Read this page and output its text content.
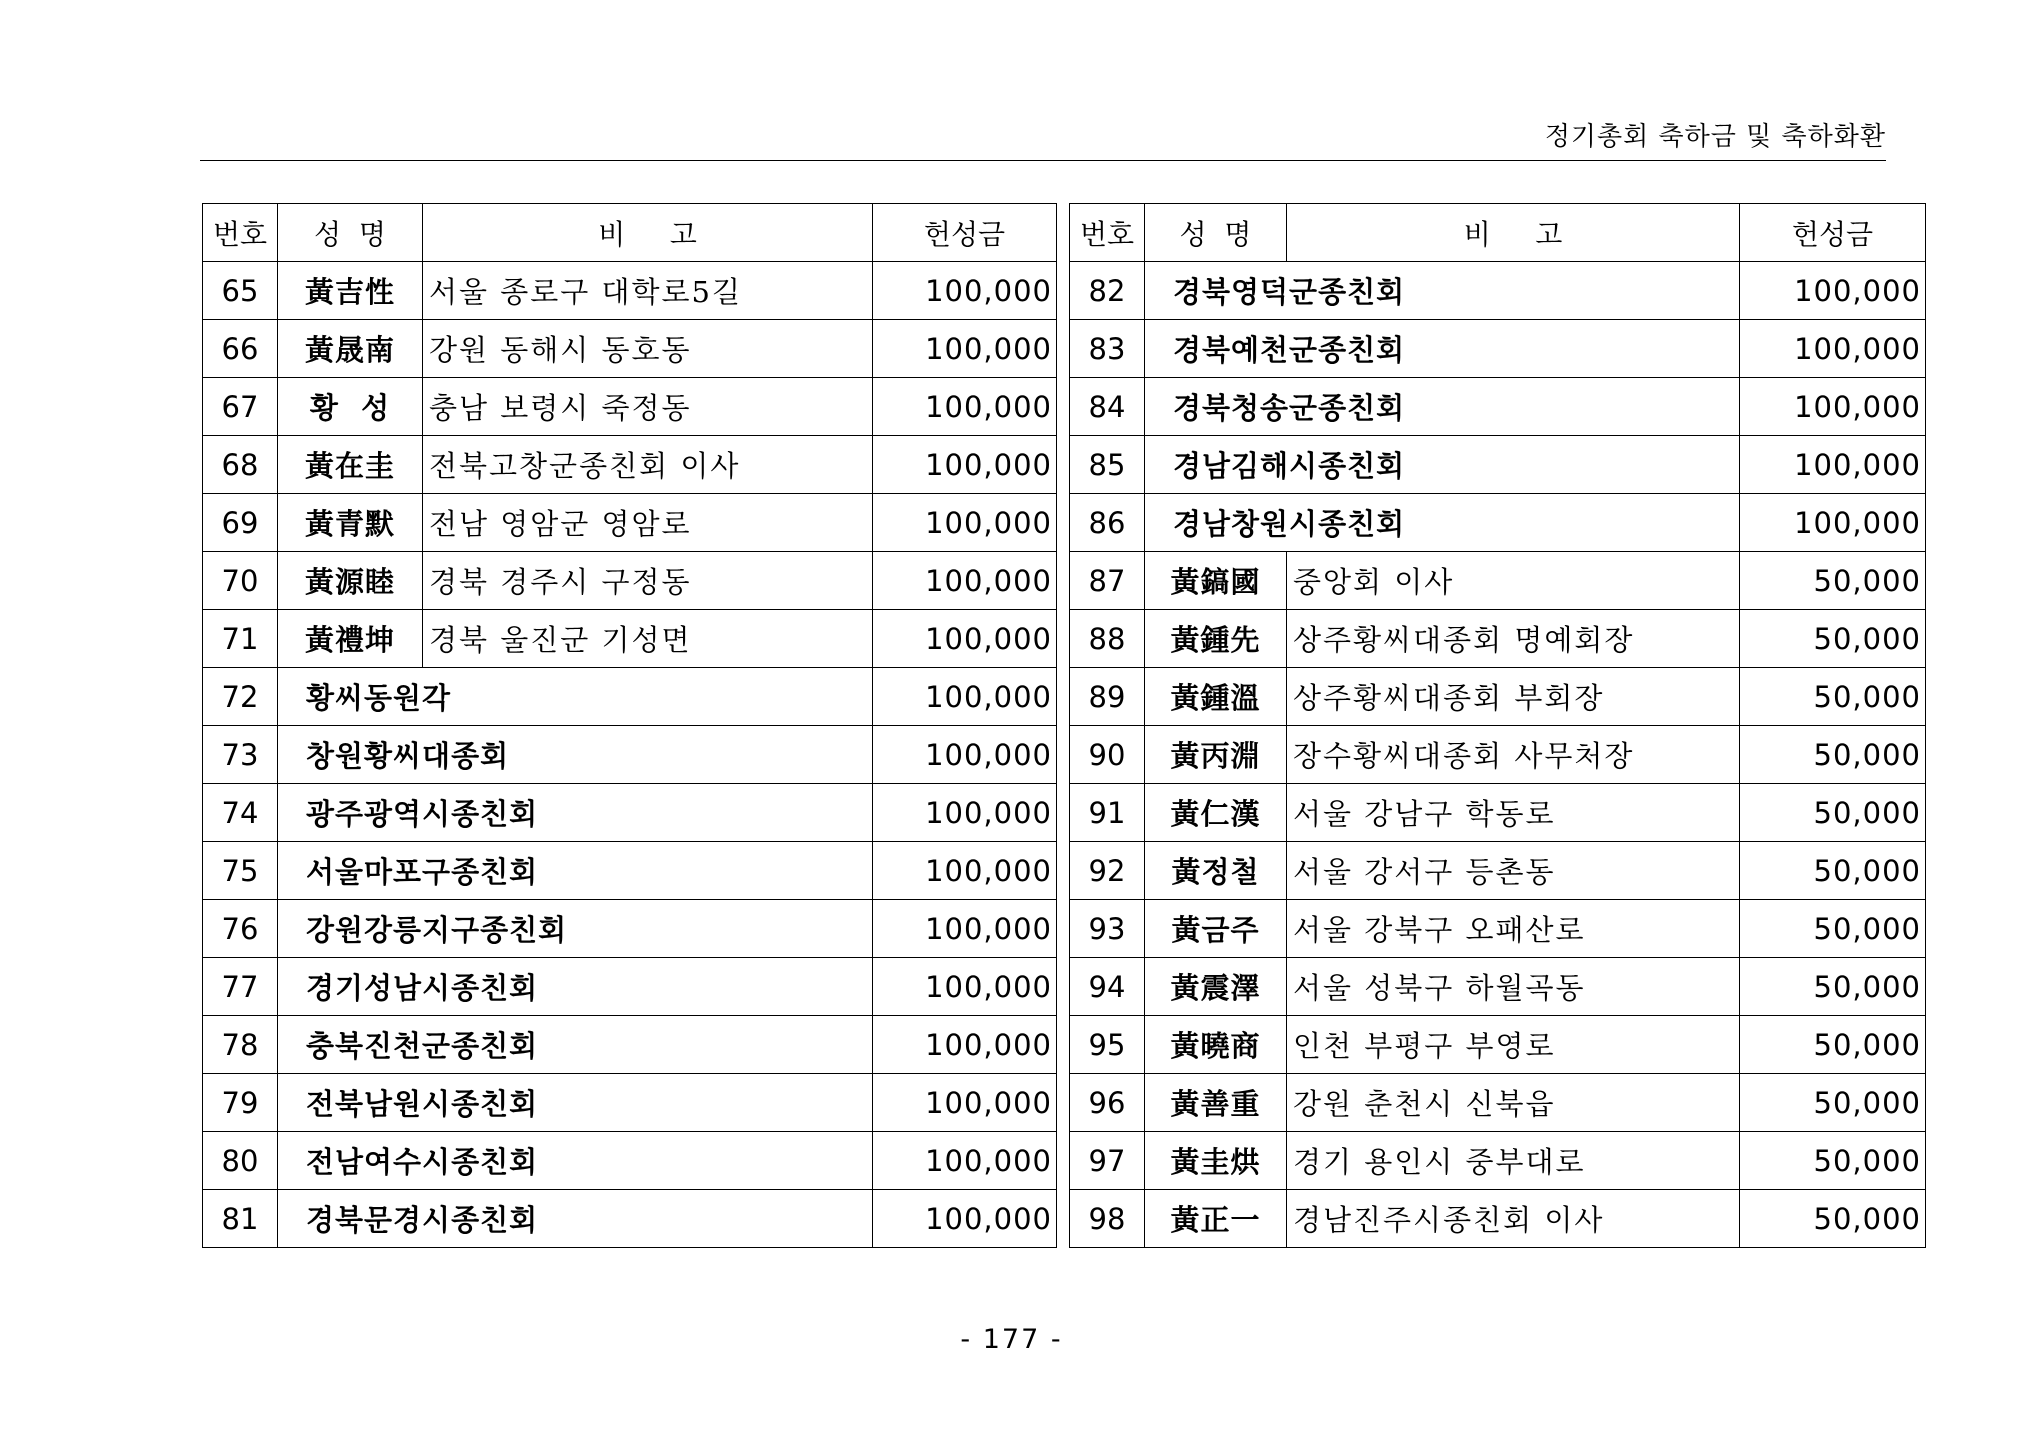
정기총회 축하금 및 축하화환
번호	성  명	비     고	헌성금
65	黃吉性	서울 종로구 대학로5길	100,000
66	黃晟南	강원 동해시 동호동	100,000
67	황  성	충남 보령시 죽정동	100,000
68	黃在圭	전북고창군종친회 이사	100,000
69	黃青默	전남 영암군 영암로	100,000
70	黃源睦	경북 경주시 구정동	100,000
71	黃禮坤	경북 울진군 기성면	100,000
72	황씨동원각		100,000
73	창원황씨대종회		100,000
74	광주광역시종친회		100,000
75	서울마포구종친회		100,000
76	강원강릉지구종친회		100,000
77	경기성남시종친회		100,000
78	충북진천군종친회		100,000
79	전북남원시종친회		100,000
80	전남여수시종친회		100,000
81	경북문경시종친회		100,000
번호	성  명	비     고	헌성금
82	경북영덕군종친회		100,000
83	경북예천군종친회		100,000
84	경북청송군종친회		100,000
85	경남김해시종친회		100,000
86	경남창원시종친회		100,000
87	黃鎬國	중앙회 이사	50,000
88	黃鍾先	상주황씨대종회 명예회장	50,000
89	黃鍾溫	상주황씨대종회 부회장	50,000
90	黃丙淵	장수황씨대종회 사무처장	50,000
91	黃仁漢	서울 강남구 학동로	50,000
92	黃정철	서울 강서구 등촌동	50,000
93	黃금주	서울 강북구 오패산로	50,000
94	黃震澤	서울 성북구 하월곡동	50,000
95	黃曉商	인천 부평구 부영로	50,000
96	黃善重	강원 춘천시 신북읍	50,000
97	黃圭烘	경기 용인시 중부대로	50,000
98	黃正一	경남진주시종친회 이사	50,000
- 177 -
